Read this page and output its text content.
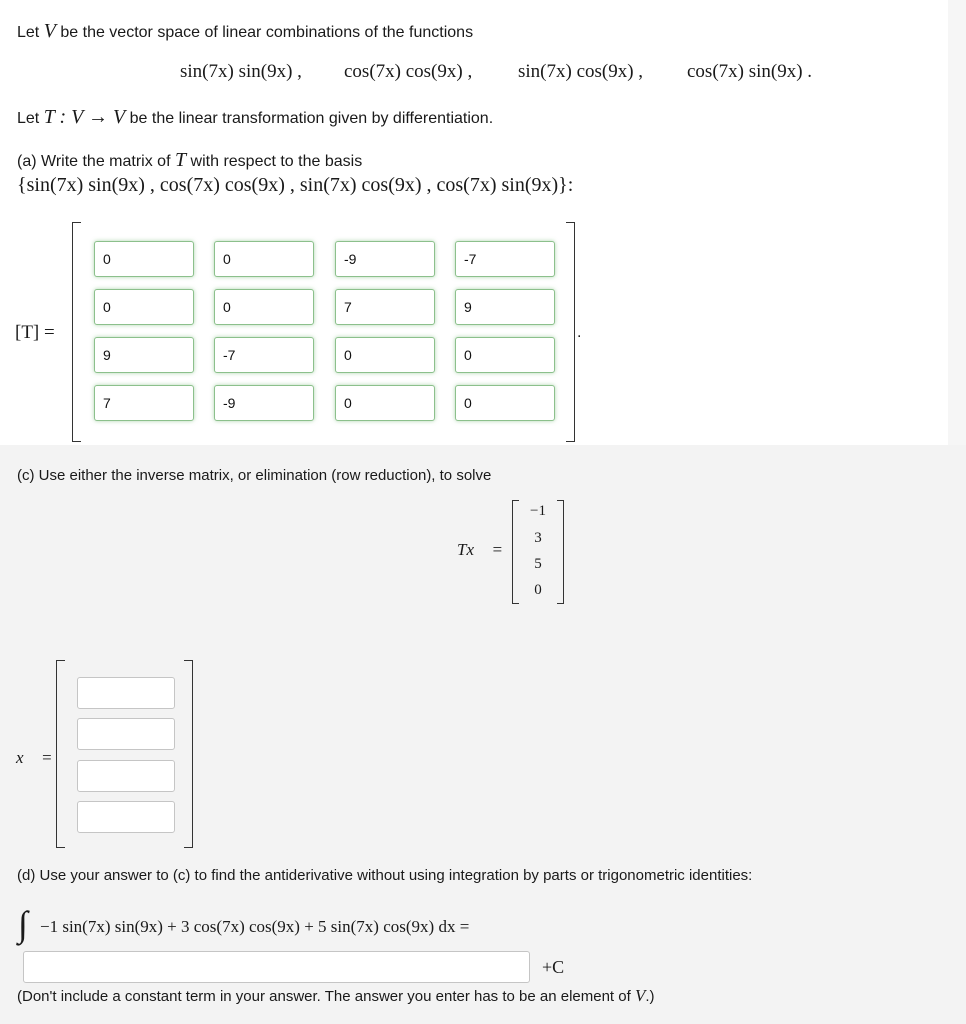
Let V be the vector space of linear combinations of the functions
sin(7x) sin(9x) , cos(7x) cos(9x) , sin(7x) cos(9x) , cos(7x) sin(9x) .
Let T : V → V be the linear transformation given by differentiation.
(a) Write the matrix of T with respect to the basis
{sin(7x) sin(9x) , cos(7x) cos(9x) , sin(7x) cos(9x) , cos(7x) sin(9x)}:
[T] =	.
0	0	-9	-7
0	0	7	9
9	-7	0	0
7	-9	0	0
(c) Use either the inverse matrix, or elimination (row reduction), to solve
Tx⃗ =
−1
3
5
0
x⃗ =
(d) Use your answer to (c) to find the antiderivative without using integration by parts or trigonometric identities:
∫ −1 sin(7x) sin(9x) + 3 cos(7x) cos(9x) + 5 sin(7x) cos(9x) dx =
+C
(Don't include a constant term in your answer. The answer you enter has to be an element of V.)
